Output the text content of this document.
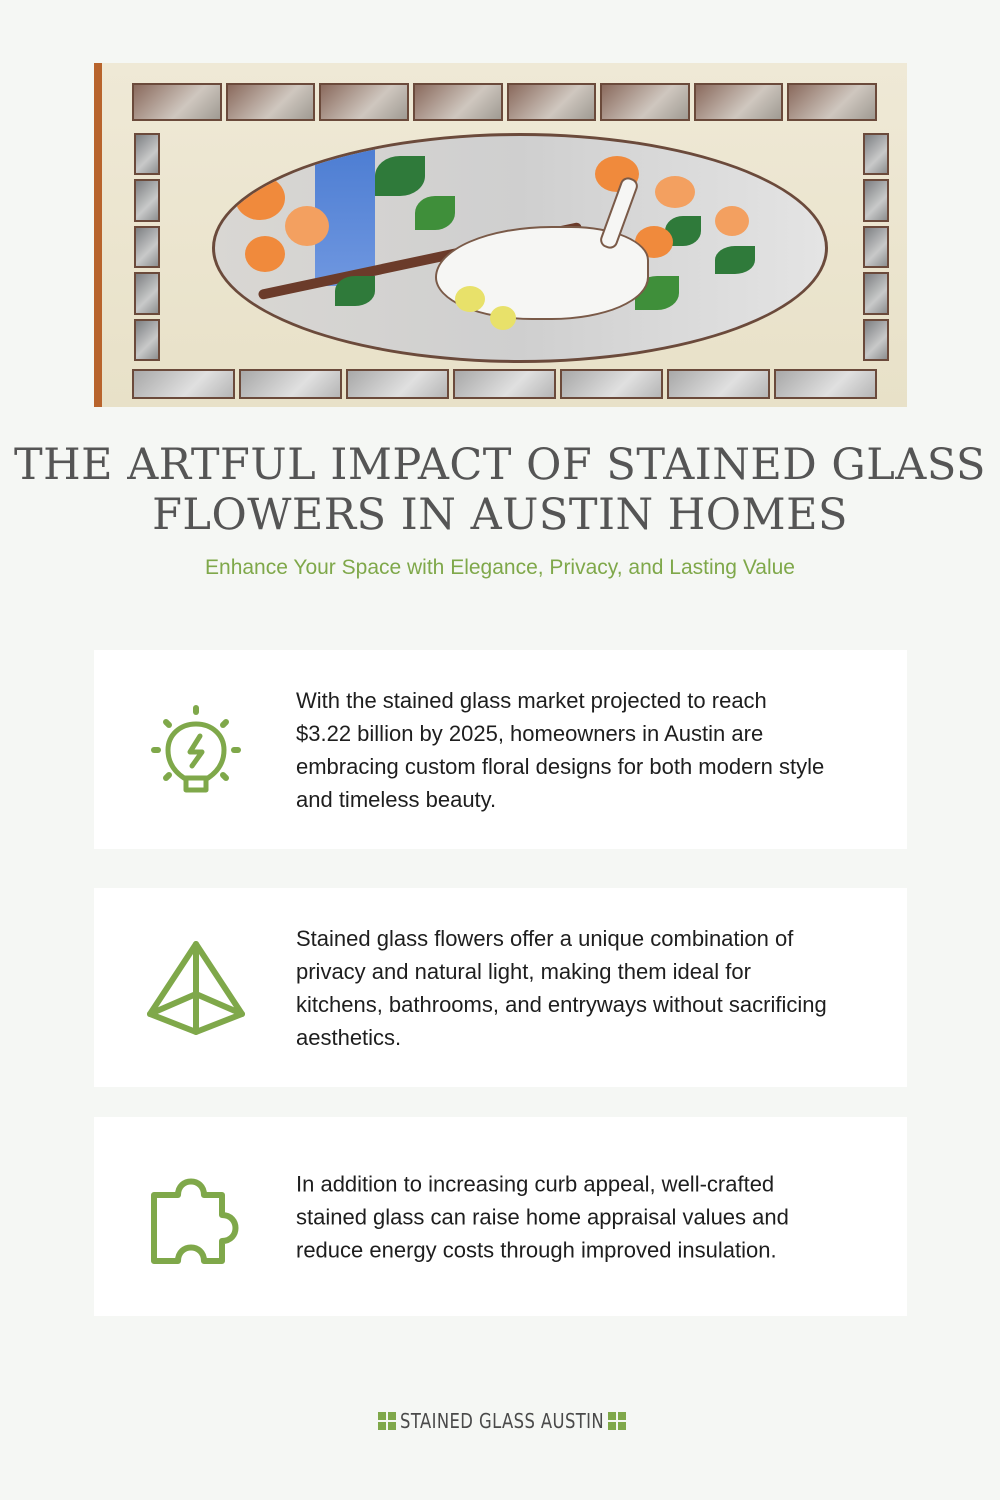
THE ARTFUL IMPACT OF STAINED GLASS FLOWERS IN AUSTIN HOMES
Enhance Your Space with Elegance, Privacy, and Lasting Value
With the stained glass market projected to reach $3.22 billion by 2025, homeowners in Austin are embracing custom floral designs for both modern style and timeless beauty.
Stained glass flowers offer a unique combination of privacy and natural light, making them ideal for kitchens, bathrooms, and entryways without sacrificing aesthetics.
In addition to increasing curb appeal, well-crafted stained glass can raise home appraisal values and reduce energy costs through improved insulation.
STAINED GLASS AUSTIN
